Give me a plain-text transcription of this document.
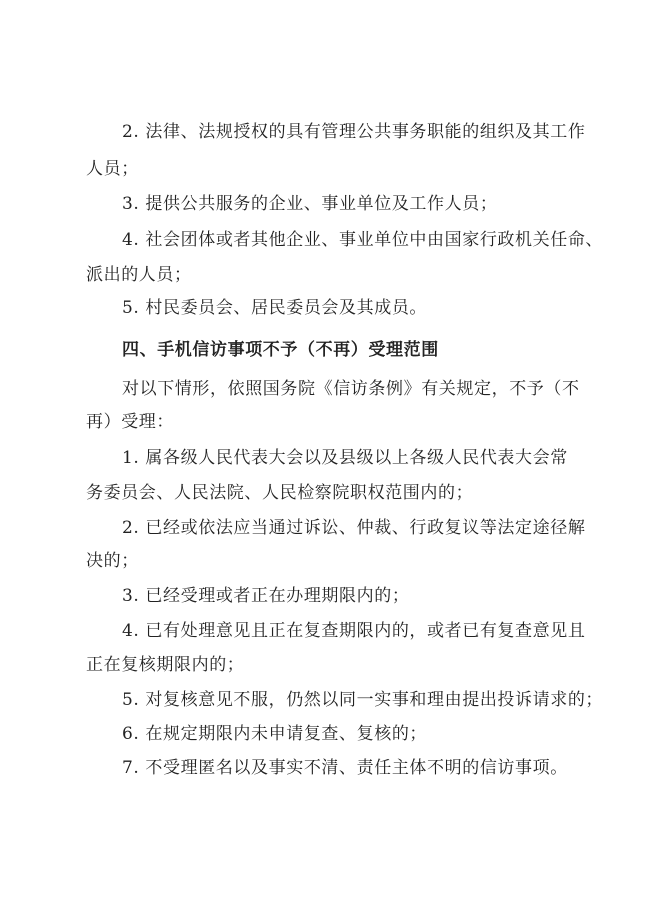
2. 法律、法规授权的具有管理公共事务职能的组织及其工作
人员；
3. 提供公共服务的企业、事业单位及工作人员；
4. 社会团体或者其他企业、事业单位中由国家行政机关任命、
派出的人员；
5. 村民委员会、居民委员会及其成员。
四、手机信访事项不予（不再）受理范围
对以下情形，依照国务院《信访条例》有关规定，不予（不
再）受理：
1. 属各级人民代表大会以及县级以上各级人民代表大会常
务委员会、人民法院、人民检察院职权范围内的；
2. 已经或依法应当通过诉讼、仲裁、行政复议等法定途径解
决的；
3. 已经受理或者正在办理期限内的；
4. 已有处理意见且正在复查期限内的，或者已有复查意见且
正在复核期限内的；
5. 对复核意见不服，仍然以同一实事和理由提出投诉请求的；
6. 在规定期限内未申请复查、复核的；
7. 不受理匿名以及事实不清、责任主体不明的信访事项。
